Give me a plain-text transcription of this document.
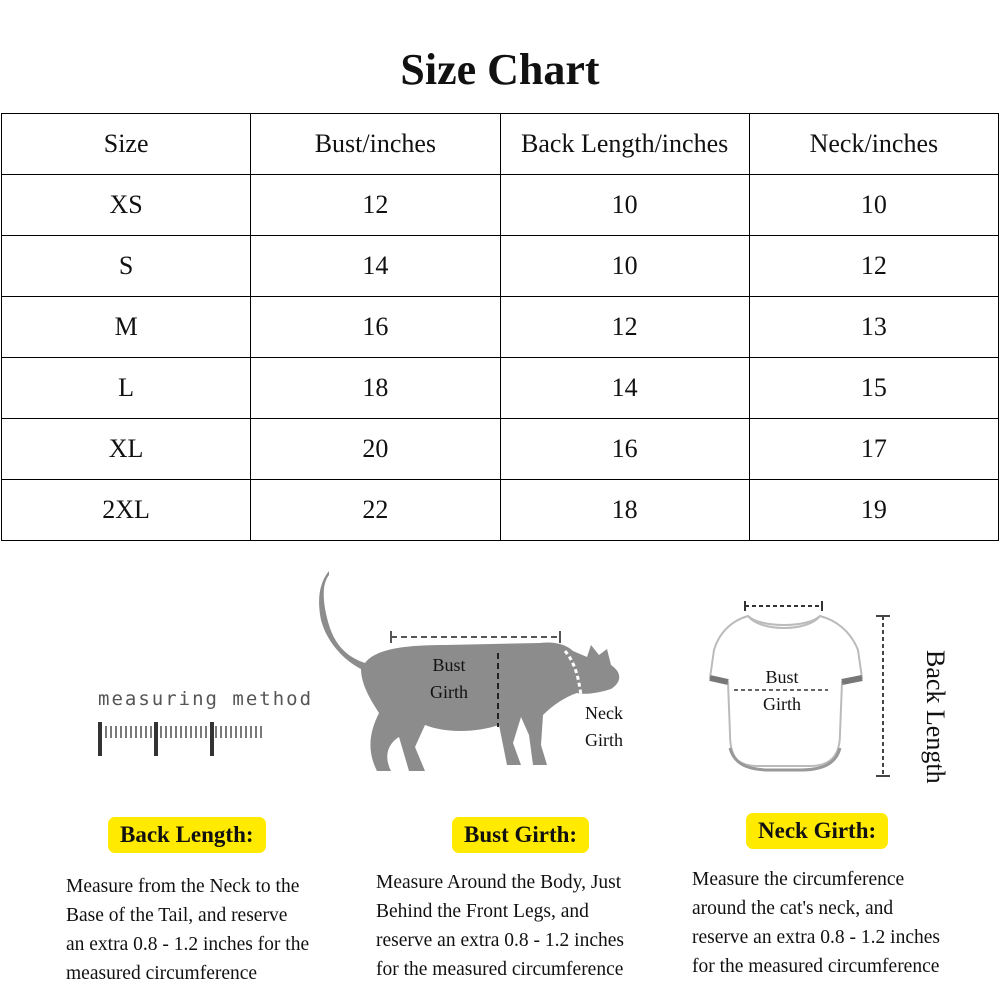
Size Chart
Size	Bust/inches	Back Length/inches	Neck/inches
XS	12	10	10
S	14	10	12
M	16	12	13
L	18	14	15
XL	20	16	17
2XL	22	18	19
measuring method
Bust
Girth
Neck
Girth
Bust
Girth	Back Length
Back Length:	Bust Girth:	Neck Girth:
Measure from the Neck to the
Base of the Tail, and reserve
an extra 0.8 - 1.2 inches for the
measured circumference
Measure Around the Body, Just
Behind the Front Legs, and
reserve an extra 0.8 - 1.2 inches
for the measured circumference
Measure the circumference
around the cat's neck, and
reserve an extra 0.8 - 1.2 inches
for the measured circumference
